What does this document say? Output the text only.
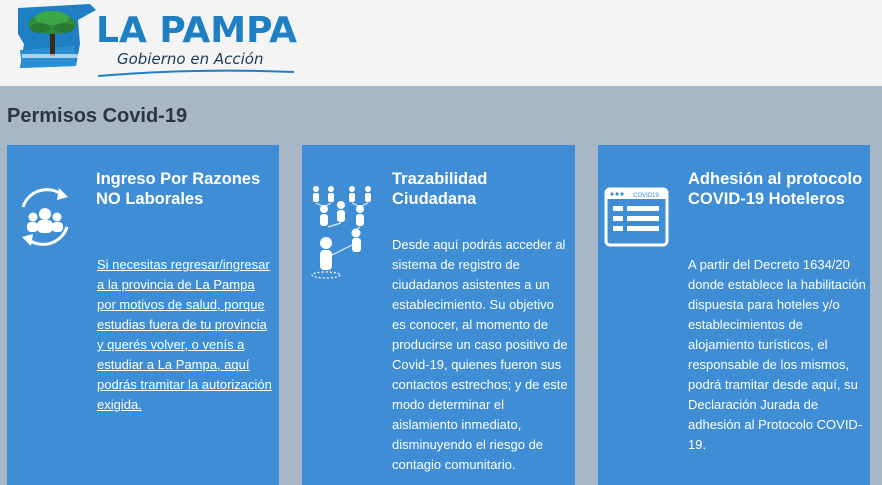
LA PAMPA
Gobierno en Acción
Permisos Covid-19
Ingreso Por Razones NO Laborales
Si necesitas regresar/ingresar a la provincia de La Pampa por motivos de salud, porque estudias fuera de tu provincia y querés volver, o venís a estudiar a La Pampa, aquí podrás tramitar la autorización exigida.
Trazabilidad Ciudadana
Desde aquí podrás acceder al sistema de registro de ciudadanos asistentes a un establecimiento. Su objetivo es conocer, al momento de producirse un caso positivo de Covid-19, quienes fueron sus contactos estrechos; y de este modo determinar el aislamiento inmediato, disminuyendo el riesgo de contagio comunitario.
COVID19
Adhesión al protocolo COVID-19 Hoteleros
A partir del Decreto 1634/20 donde establece la habilitación dispuesta para hoteles y/o establecimientos de alojamiento turísticos, el responsable de los mismos, podrá tramitar desde aquí, su Declaración Jurada de adhesión al Protocolo COVID-19.
